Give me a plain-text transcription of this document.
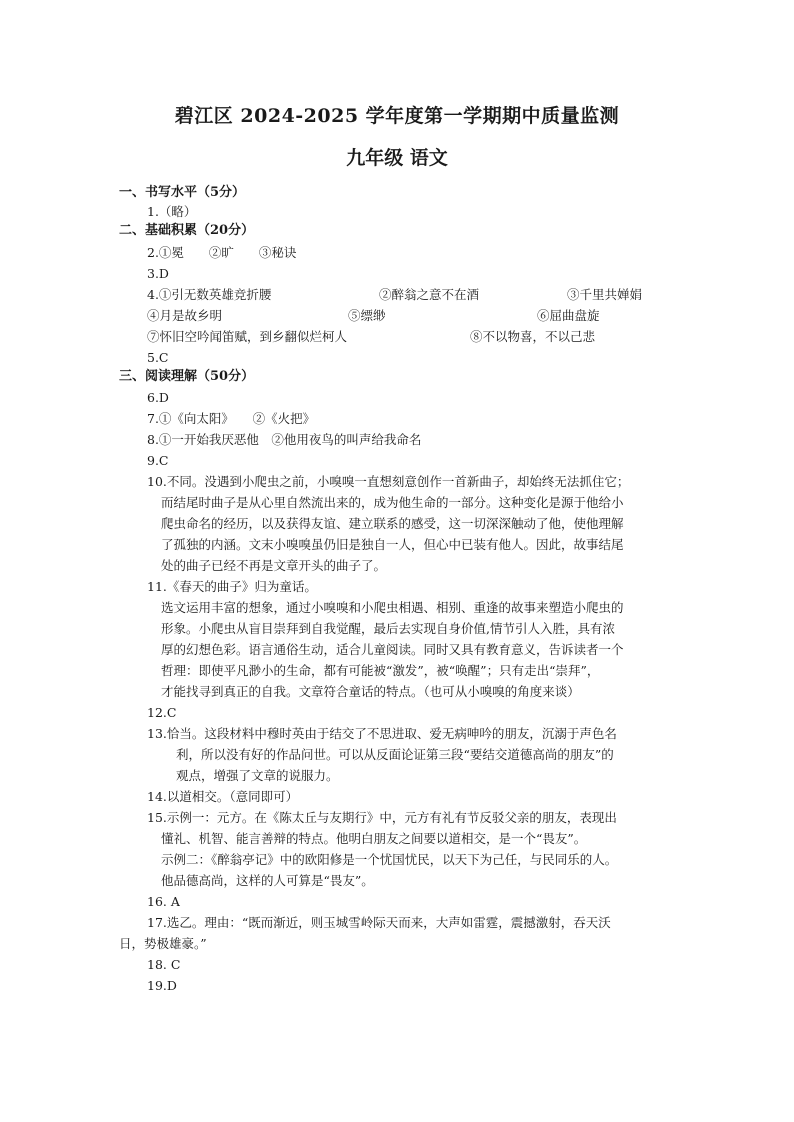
碧江区 2024-2025 学年度第一学期期中质量监测
九年级 语文
一、书写水平（5分）
1.（略）
二、基础积累（20分）
2.①冕　　②旷　　③秘诀
3.D
4.①引无数英雄竞折腰	②醉翁之意不在酒	③千里共婵娟
④月是故乡明	⑤缥缈	⑥屈曲盘旋
⑦怀旧空吟闻笛赋，到乡翻似烂柯人	⑧不以物喜，不以己悲
5.C
三、阅读理解（50分）
6.D
7.①《向太阳》　　②《火把》
8.①一开始我厌恶他　②他用夜鸟的叫声给我命名
9.C
10.不同。没遇到小爬虫之前，小嗅嗅一直想刻意创作一首新曲子，却始终无法抓住它；
而结尾时曲子是从心里自然流出来的，成为他生命的一部分。这种变化是源于他给小
爬虫命名的经历，以及获得友谊、建立联系的感受，这一切深深触动了他，使他理解
了孤独的内涵。文末小嗅嗅虽仍旧是独自一人，但心中已装有他人。因此，故事结尾
处的曲子已经不再是文章开头的曲子了。
11.《春天的曲子》归为童话。
选文运用丰富的想象，通过小嗅嗅和小爬虫相遇、相别、重逢的故事来塑造小爬虫的
形象。小爬虫从盲目崇拜到自我觉醒，最后去实现自身价值,情节引人入胜，具有浓
厚的幻想色彩。语言通俗生动，适合儿童阅读。同时又具有教育意义，告诉读者一个
哲理：即使平凡渺小的生命，都有可能被“激发”，被“唤醒”；只有走出“崇拜”，
才能找寻到真正的自我。文章符合童话的特点。（也可从小嗅嗅的角度来谈）
12.C
13.恰当。这段材料中穆时英由于结交了不思进取、爱无病呻吟的朋友，沉溺于声色名
利，所以没有好的作品问世。可以从反面论证第三段“要结交道德高尚的朋友”的
观点，增强了文章的说服力。
14.以道相交。（意同即可）
15.示例一：元方。在《陈太丘与友期行》中，元方有礼有节反驳父亲的朋友，表现出
懂礼、机智、能言善辩的特点。他明白朋友之间要以道相交，是一个“畏友”。
示例二：《醉翁亭记》中的欧阳修是一个忧国忧民，以天下为己任，与民同乐的人。
他品德高尚，这样的人可算是“畏友”。
16. A
17.选乙。理由：“既而渐近，则玉城雪岭际天而来，大声如雷霆，震撼激射，吞天沃
日，势极雄豪。”
18. C
19.D
